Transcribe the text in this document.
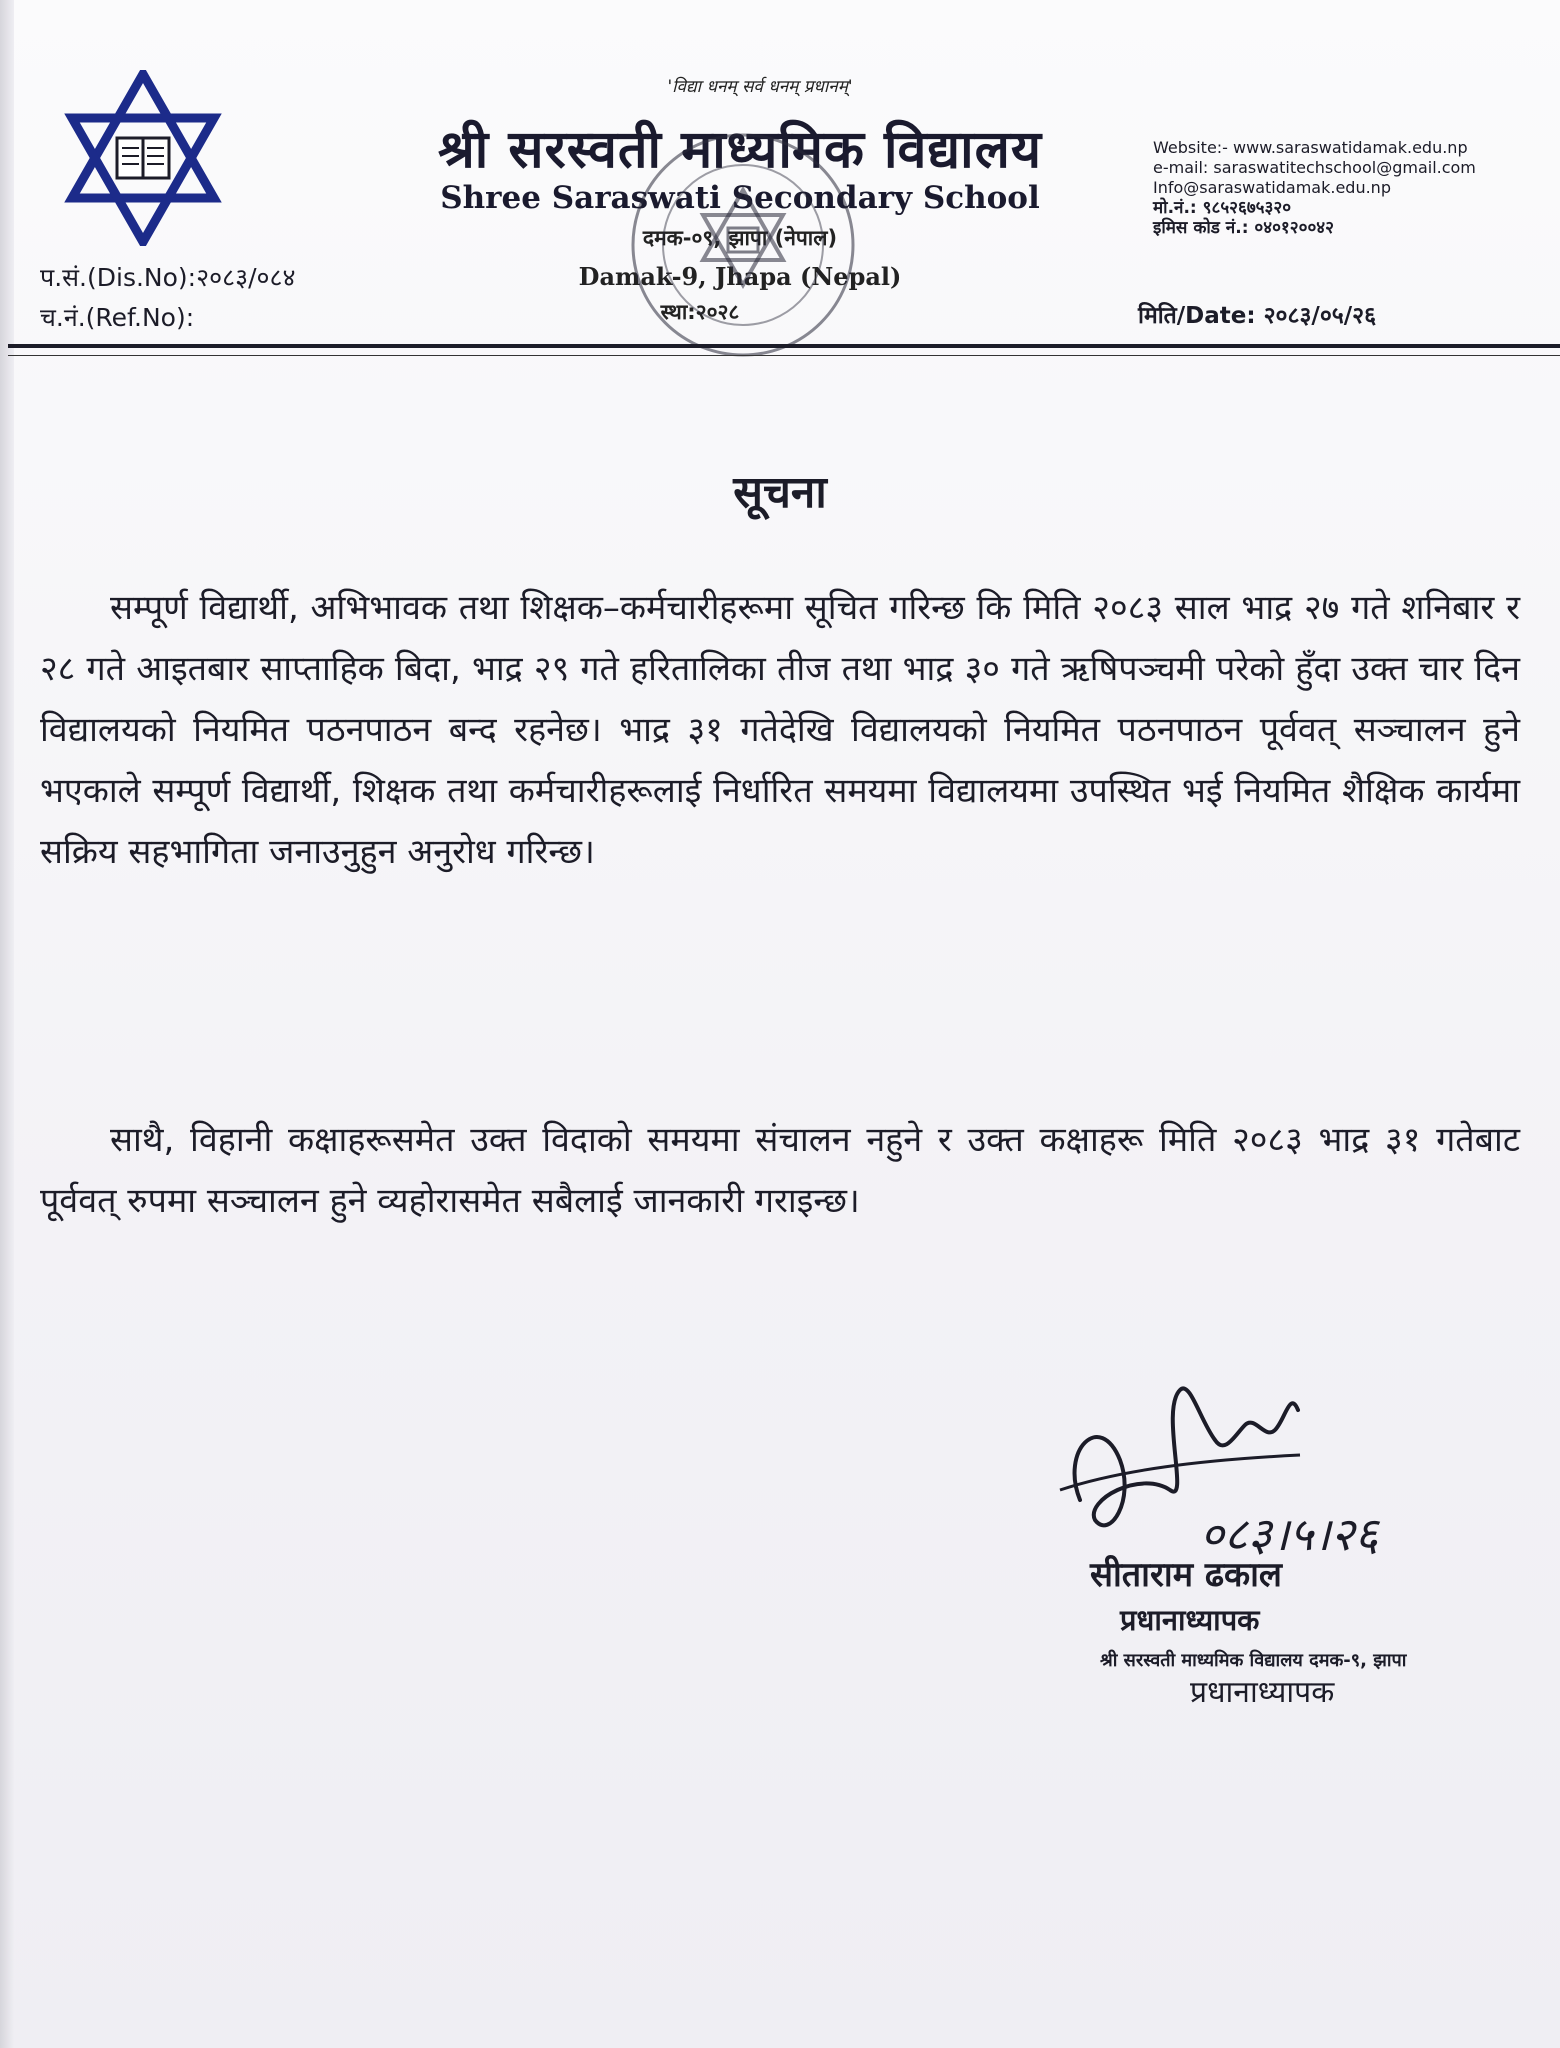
'विद्या धनम् सर्व धनम् प्रधानम्'
श्री सरस्वती माध्यमिक विद्यालय
Shree Saraswati Secondary School
दमक-०९, झापा (नेपाल)
Damak-9, Jhapa (Nepal)
स्था:२०२८
प.सं.(Dis.No):२०८३/०८४
च.नं.(Ref.No):
Website:- www.saraswatidamak.edu.np
e-mail: saraswatitechschool@gmail.com
Info@saraswatidamak.edu.np
मो.नं.: ९८५२६७५३२०
इमिस कोड नं.: ०४०१२००४२
मिति/Date: २०८३/०५/२६
सूचना
सम्पूर्ण विद्यार्थी, अभिभावक तथा शिक्षक–कर्मचारीहरूमा सूचित गरिन्छ कि मिति २०८३ साल भाद्र २७ गते शनिबार र २८ गते आइतबार साप्ताहिक बिदा, भाद्र २९ गते हरितालिका तीज तथा भाद्र ३० गते ऋषिपञ्चमी परेको हुँदा उक्त चार दिन विद्यालयको नियमित पठनपाठन बन्द रहनेछ। भाद्र ३१ गतेदेखि विद्यालयको नियमित पठनपाठन पूर्ववत् सञ्चालन हुने भएकाले सम्पूर्ण विद्यार्थी, शिक्षक तथा कर्मचारीहरूलाई निर्धारित समयमा विद्यालयमा उपस्थित भई नियमित शैक्षिक कार्यमा सक्रिय सहभागिता जनाउनुहुन अनुरोध गरिन्छ।
साथै, विहानी कक्षाहरूसमेत उक्त विदाको समयमा संचालन नहुने र उक्त कक्षाहरू मिति २०८३ भाद्र ३१ गतेबाट पूर्ववत् रुपमा सञ्चालन हुने व्यहोरासमेत सबैलाई जानकारी गराइन्छ।
०८३।५।२६
सीताराम ढकाल
प्रधानाध्यापक
श्री सरस्वती माध्यमिक विद्यालय दमक-९, झापा
प्रधानाध्यापक
